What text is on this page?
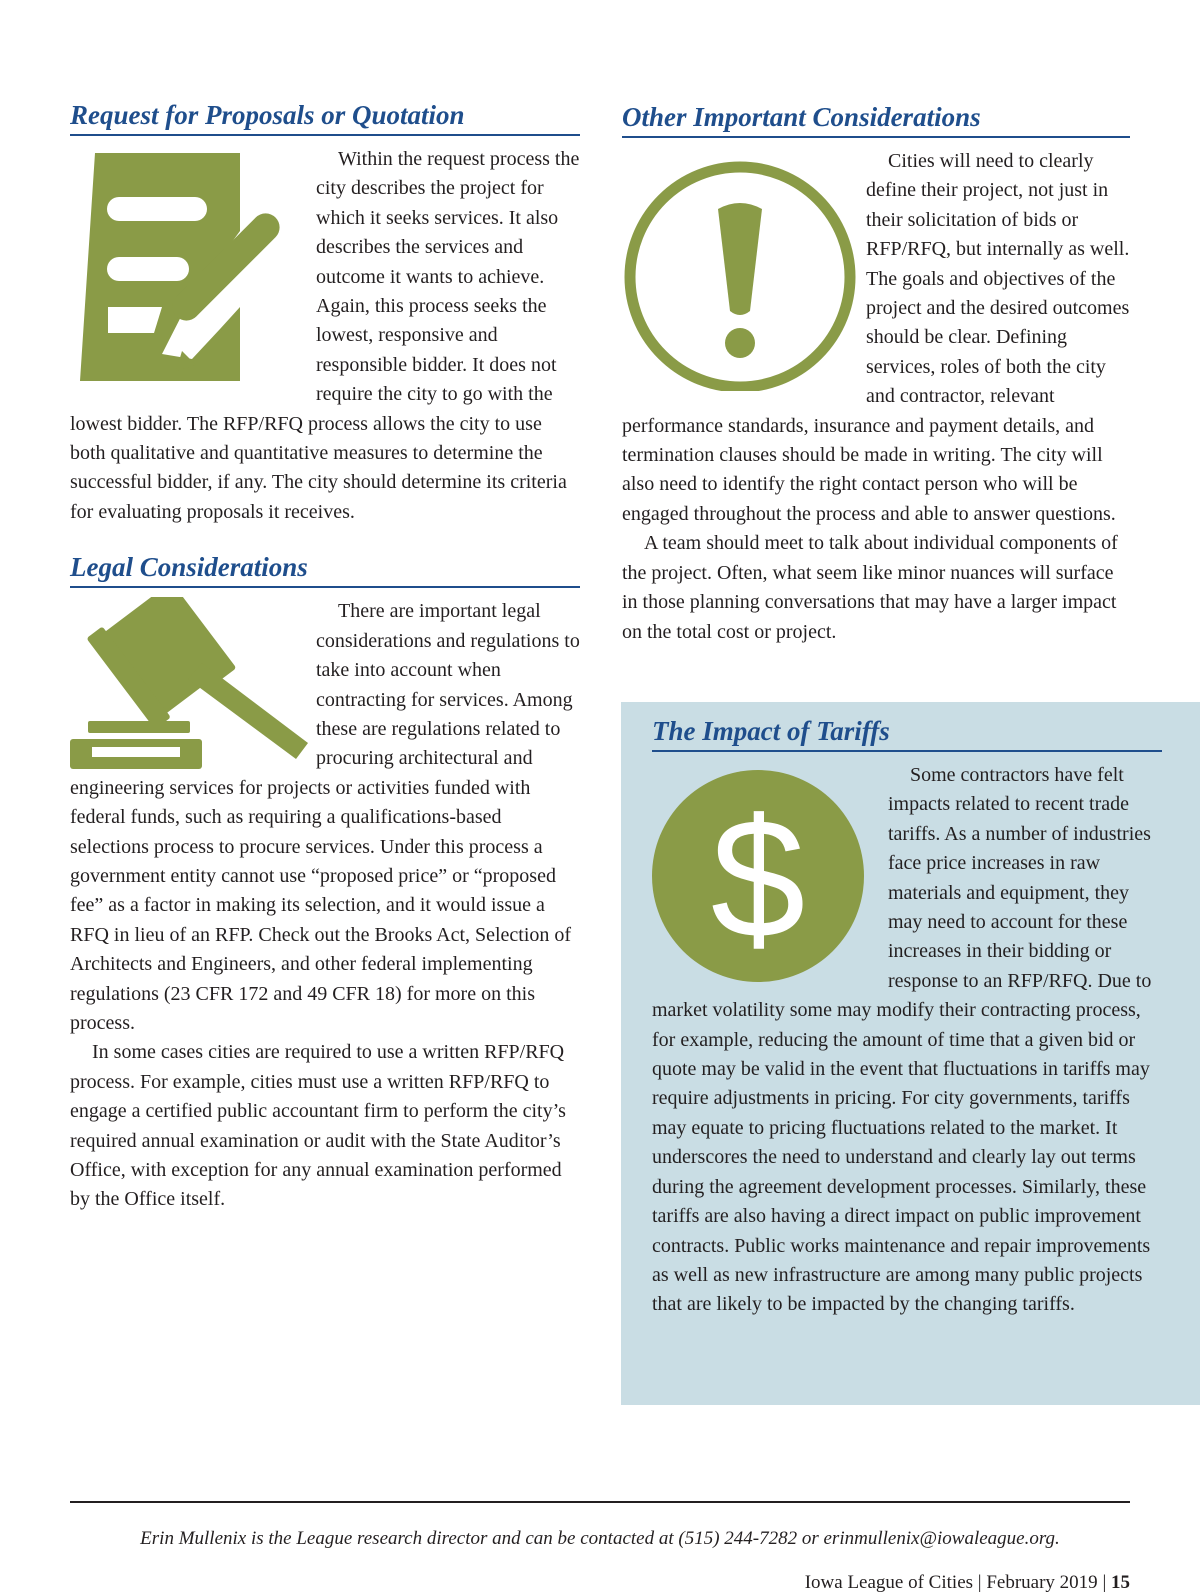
Request for Proposals or Quotation

Within the request process the city describes the project for which it seeks services. It also describes the services and outcome it wants to achieve. Again, this process seeks the lowest, responsive and responsible bidder. It does not require the city to go with the lowest bidder. The RFP/RFQ process allows the city to use both qualitative and quantitative measures to determine the successful bidder, if any. The city should determine its criteria for evaluating proposals it receives.

Legal Considerations

There are important legal considerations and regulations to take into account when contracting for services. Among these are regulations related to procuring architectural and engineering services for projects or activities funded with federal funds, such as requiring a qualifications-based selections process to procure services. Under this process a government entity cannot use “proposed price” or “proposed fee” as a factor in making its selection, and it would issue a RFQ in lieu of an RFP. Check out the Brooks Act, Selection of Architects and Engineers, and other federal implementing regulations (23 CFR 172 and 49 CFR 18) for more on this process.

In some cases cities are required to use a written RFP/RFQ process. For example, cities must use a written RFP/RFQ to engage a certified public accountant firm to perform the city’s required annual examination or audit with the State Auditor’s Office, with exception for any annual examination performed by the Office itself.

Other Important Considerations

Cities will need to clearly define their project, not just in their solicitation of bids or RFP/RFQ, but internally as well. The goals and objectives of the project and the desired outcomes should be clear. Defining services, roles of both the city and contractor, relevant performance standards, insurance and payment details, and termination clauses should be made in writing. The city will also need to identify the right contact person who will be engaged throughout the process and able to answer questions.

A team should meet to talk about individual components of the project. Often, what seem like minor nuances will surface in those planning conversations that may have a larger impact on the total cost or project.

The Impact of Tariffs
$

Some contractors have felt impacts related to recent trade tariffs. As a number of industries face price increases in raw materials and equipment, they may need to account for these increases in their bidding or response to an RFP/RFQ. Due to market volatility some may modify their contracting process, for example, reducing the amount of time that a given bid or quote may be valid in the event that fluctuations in tariffs may require adjustments in pricing. For city governments, tariffs may equate to pricing fluctuations related to the market. It underscores the need to understand and clearly lay out terms during the agreement development processes. Similarly, these tariffs are also having a direct impact on public improvement contracts. Public works maintenance and repair improvements as well as new infrastructure are among many public projects that are likely to be impacted by the changing tariffs.

Erin Mullenix is the League research director and can be contacted at (515) 244-7282 or erinmullenix@iowaleague.org.
Iowa League of Cities | February 2019 | 15
